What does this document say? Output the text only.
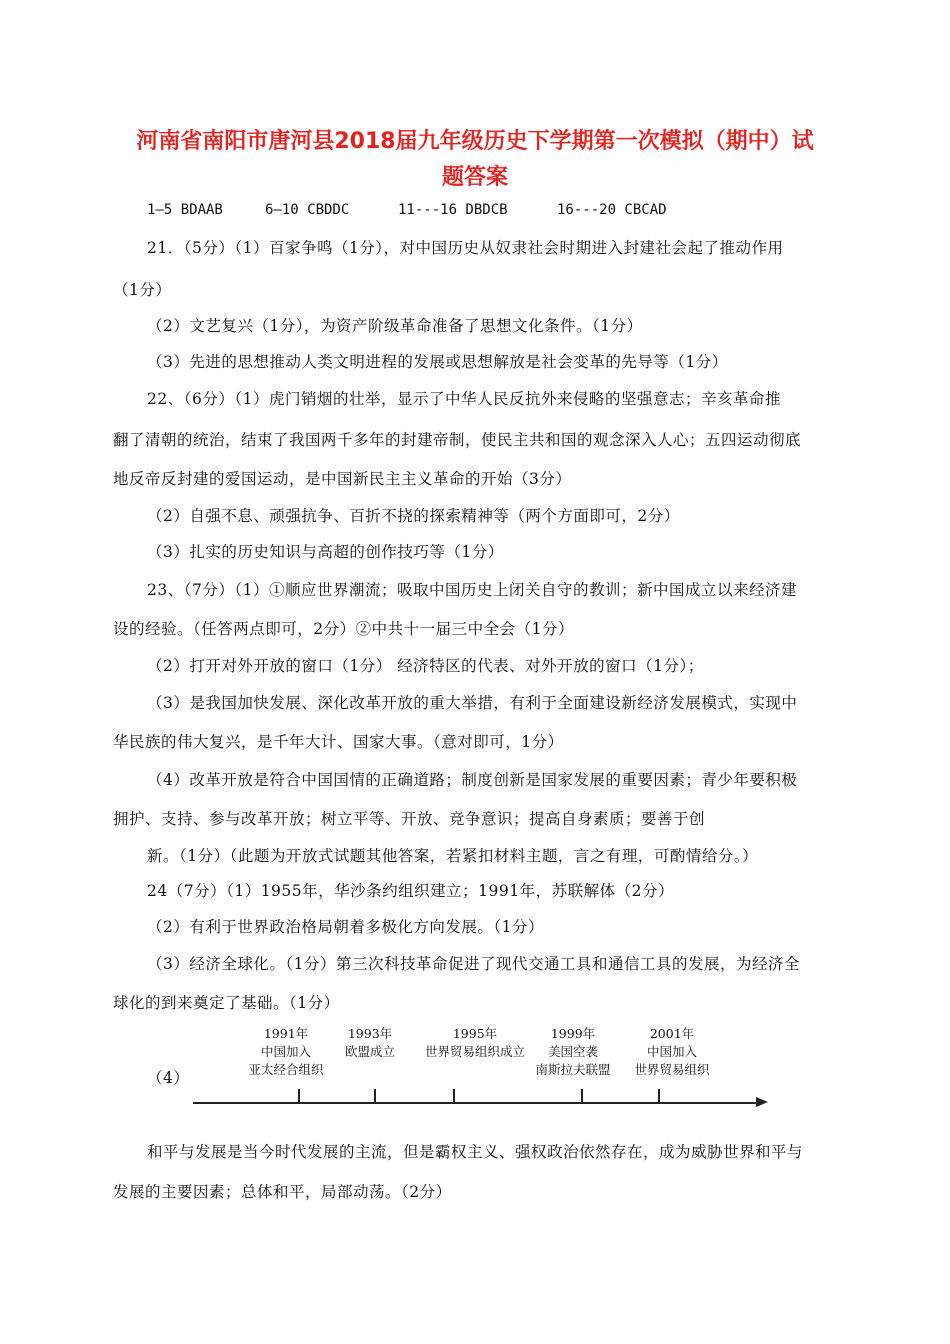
河南省南阳市唐河县2018届九年级历史下学期第一次模拟（期中）试
题答案
1—5 BDAAB	6—10 CBDDC	11---16 DBDCB	16---20 CBCAD
21．（5分）（1）百家争鸣（1分），对中国历史从奴隶社会时期进入封建社会起了推动作用
（1分）
（2）文艺复兴（1分），为资产阶级革命准备了思想文化条件。（1分）
（3）先进的思想推动人类文明进程的发展或思想解放是社会变革的先导等（1分）
22、（6分）（1）虎门销烟的壮举，显示了中华人民反抗外来侵略的坚强意志；辛亥革命推
翻了清朝的统治，结束了我国两千多年的封建帝制，使民主共和国的观念深入人心；五四运动彻底
地反帝反封建的爱国运动，是中国新民主主义革命的开始（3分）
（2）自强不息、顽强抗争、百折不挠的探索精神等（两个方面即可，2分）
（3）扎实的历史知识与高超的创作技巧等（1分）
23、（7分）（1）①顺应世界潮流；吸取中国历史上闭关自守的教训；新中国成立以来经济建
设的经验。（任答两点即可，2分）②中共十一届三中全会（1分）
（2）打开对外开放的窗口（1分） 经济特区的代表、对外开放的窗口（1分）；
（3）是我国加快发展、深化改革开放的重大举措，有利于全面建设新经济发展模式，实现中
华民族的伟大复兴，是千年大计、国家大事。（意对即可，1分）
（4）改革开放是符合中国国情的正确道路；制度创新是国家发展的重要因素；青少年要积极
拥护、支持、参与改革开放；树立平等、开放、竞争意识；提高自身素质；要善于创
新。（1分）（此题为开放式试题其他答案，若紧扣材料主题，言之有理，可酌情给分。）
24（7分）（1）1955年，华沙条约组织建立；1991年，苏联解体（2分）
（2）有利于世界政治格局朝着多极化方向发展。（1分）
（3）经济全球化。（1分）第三次科技革命促进了现代交通工具和通信工具的发展，为经济全
球化的到来奠定了基础。（1分）
（4）
1991年
中国加入
亚太经合组织
1993年
欧盟成立
1995年
世界贸易组织成立
1999年
美国空袭
南斯拉夫联盟
2001年
中国加入
世界贸易组织
和平与发展是当今时代发展的主流，但是霸权主义、强权政治依然存在，成为威胁世界和平与
发展的主要因素；总体和平，局部动荡。（2分）
